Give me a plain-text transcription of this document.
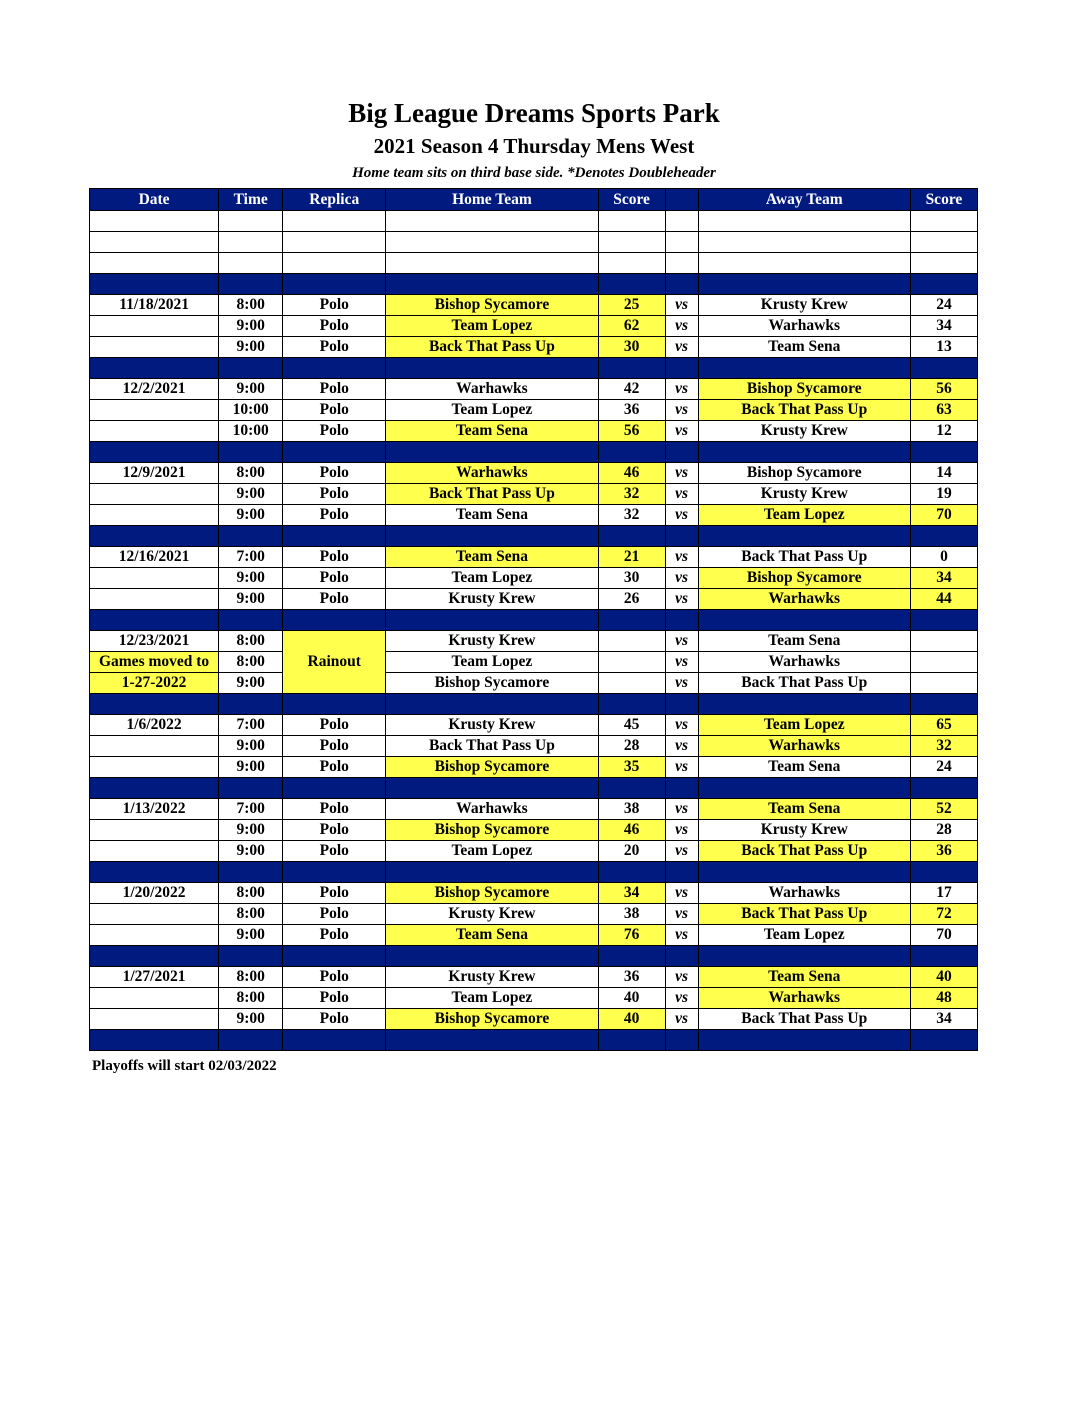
Big League Dreams Sports Park
2021 Season 4 Thursday Mens West
Home team sits on third base side. *Denotes Doubleheader
Date	Time	Replica	Home Team	Score		Away Team	Score

11/18/2021	8:00	Polo	Bishop Sycamore	25	vs	Krusty Krew	24
	9:00	Polo	Team Lopez	62	vs	Warhawks	34
	9:00	Polo	Back That Pass Up	30	vs	Team Sena	13

12/2/2021	9:00	Polo	Warhawks	42	vs	Bishop Sycamore	56
	10:00	Polo	Team Lopez	36	vs	Back That Pass Up	63
	10:00	Polo	Team Sena	56	vs	Krusty Krew	12

12/9/2021	8:00	Polo	Warhawks	46	vs	Bishop Sycamore	14
	9:00	Polo	Back That Pass Up	32	vs	Krusty Krew	19
	9:00	Polo	Team Sena	32	vs	Team Lopez	70

12/16/2021	7:00	Polo	Team Sena	21	vs	Back That Pass Up	0
	9:00	Polo	Team Lopez	30	vs	Bishop Sycamore	34
	9:00	Polo	Krusty Krew	26	vs	Warhawks	44

12/23/2021	8:00	Rainout	Krusty Krew		vs	Team Sena	
Games moved to	8:00		Team Lopez		vs	Warhawks	
1-27-2022	9:00		Bishop Sycamore		vs	Back That Pass Up	

1/6/2022	7:00	Polo	Krusty Krew	45	vs	Team Lopez	65
	9:00	Polo	Back That Pass Up	28	vs	Warhawks	32
	9:00	Polo	Bishop Sycamore	35	vs	Team Sena	24

1/13/2022	7:00	Polo	Warhawks	38	vs	Team Sena	52
	9:00	Polo	Bishop Sycamore	46	vs	Krusty Krew	28
	9:00	Polo	Team Lopez	20	vs	Back That Pass Up	36

1/20/2022	8:00	Polo	Bishop Sycamore	34	vs	Warhawks	17
	8:00	Polo	Krusty Krew	38	vs	Back That Pass Up	72
	9:00	Polo	Team Sena	76	vs	Team Lopez	70

1/27/2021	8:00	Polo	Krusty Krew	36	vs	Team Sena	40
	8:00	Polo	Team Lopez	40	vs	Warhawks	48
	9:00	Polo	Bishop Sycamore	40	vs	Back That Pass Up	34

Playoffs will start 02/03/2022
